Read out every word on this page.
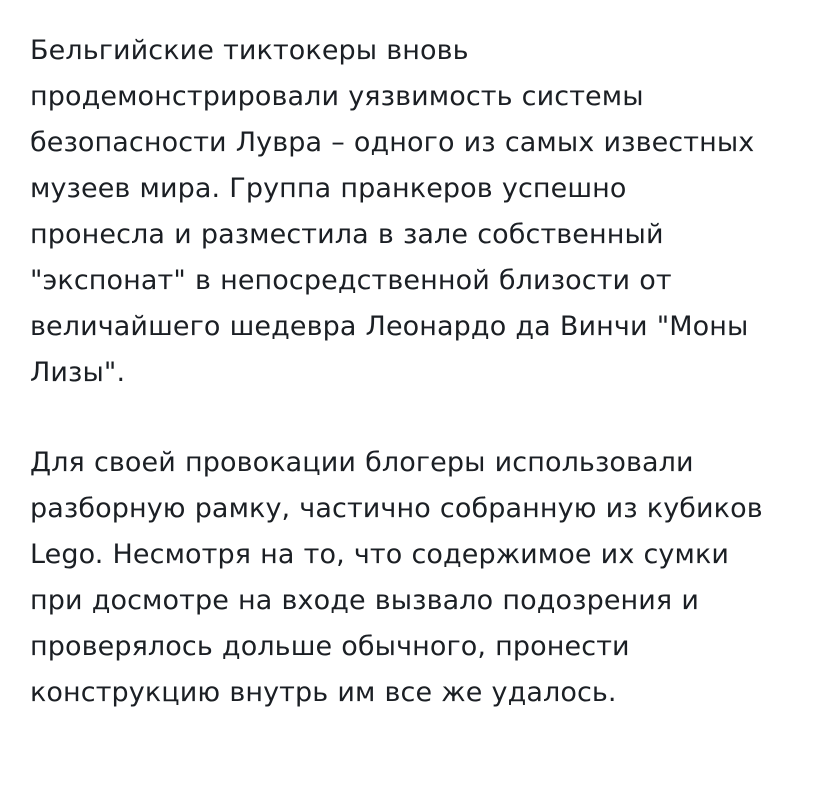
Бельгийские тиктокеры вновь продемонстрировали уязвимость системы безопасности Лувра – одного из самых известных музеев мира. Группа пранкеров успешно пронесла и разместила в зале собственный "экспонат" в непосредственной близости от величайшего шедевра Леонардо да Винчи "Моны Лизы".

Для своей провокации блогеры использовали разборную рамку, частично собранную из кубиков Lego. Несмотря на то, что содержимое их сумки при досмотре на входе вызвало подозрения и проверялось дольше обычного, пронести конструкцию внутрь им все же удалось.
